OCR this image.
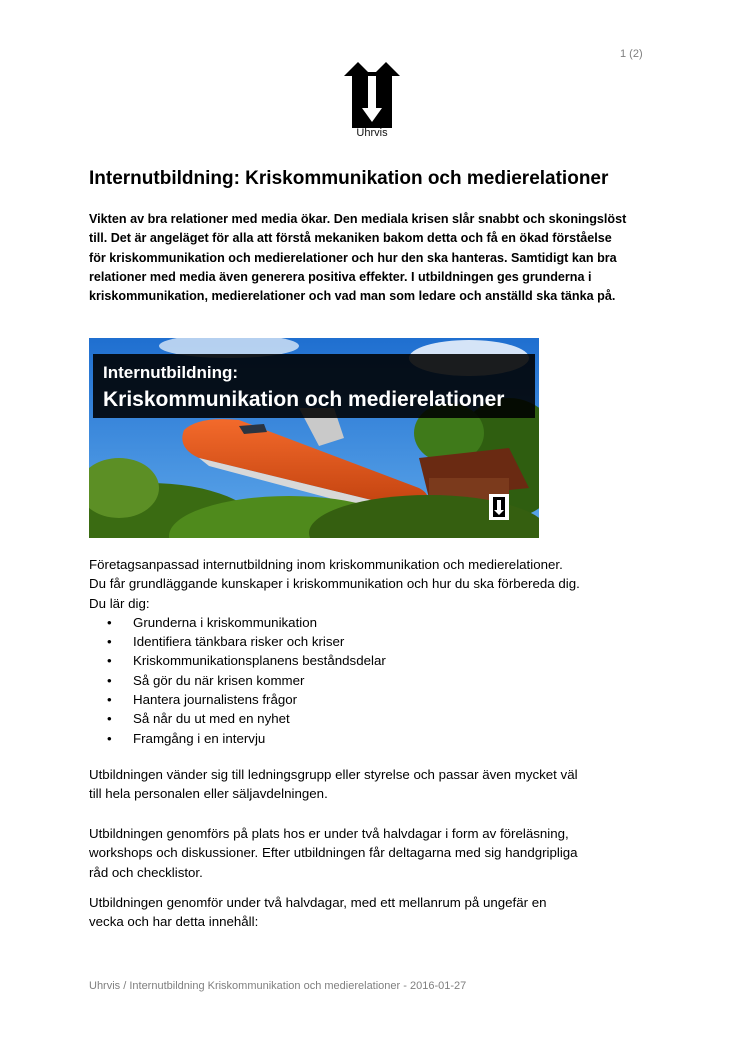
1 (2)
Uhrvis
Internutbildning: Kriskommunikation och medierelationer
Vikten av bra relationer med media ökar. Den mediala krisen slår snabbt och skoningslöst till. Det är angeläget för alla att förstå mekaniken bakom detta och få en ökad förståelse för kriskommunikation och medierelationer och hur den ska hanteras. Samtidigt kan bra relationer med media även generera positiva effekter. I utbildningen ges grunderna i kriskommunikation, medierelationer och vad man som ledare och anställd ska tänka på.
Internutbildning:
Kriskommunikation och medierelationer
Företagsanpassad internutbildning inom kriskommunikation och medierelationer.
Du får grundläggande kunskaper i kriskommunikation och hur du ska förbereda dig.
Du lär dig:
• Grunderna i kriskommunikation
• Identifiera tänkbara risker och kriser
• Kriskommunikationsplanens beståndsdelar
• Så gör du när krisen kommer
• Hantera journalistens frågor
• Så når du ut med en nyhet
• Framgång i en intervju
Utbildningen vänder sig till ledningsgrupp eller styrelse och passar även mycket väl
till hela personalen eller säljavdelningen.
Utbildningen genomförs på plats hos er under två halvdagar i form av föreläsning,
workshops och diskussioner. Efter utbildningen får deltagarna med sig handgripliga
råd och checklistor.
Utbildningen genomför under två halvdagar, med ett mellanrum på ungefär en
vecka och har detta innehåll:
Uhrvis / Internutbildning Kriskommunikation och medierelationer - 2016-01-27
